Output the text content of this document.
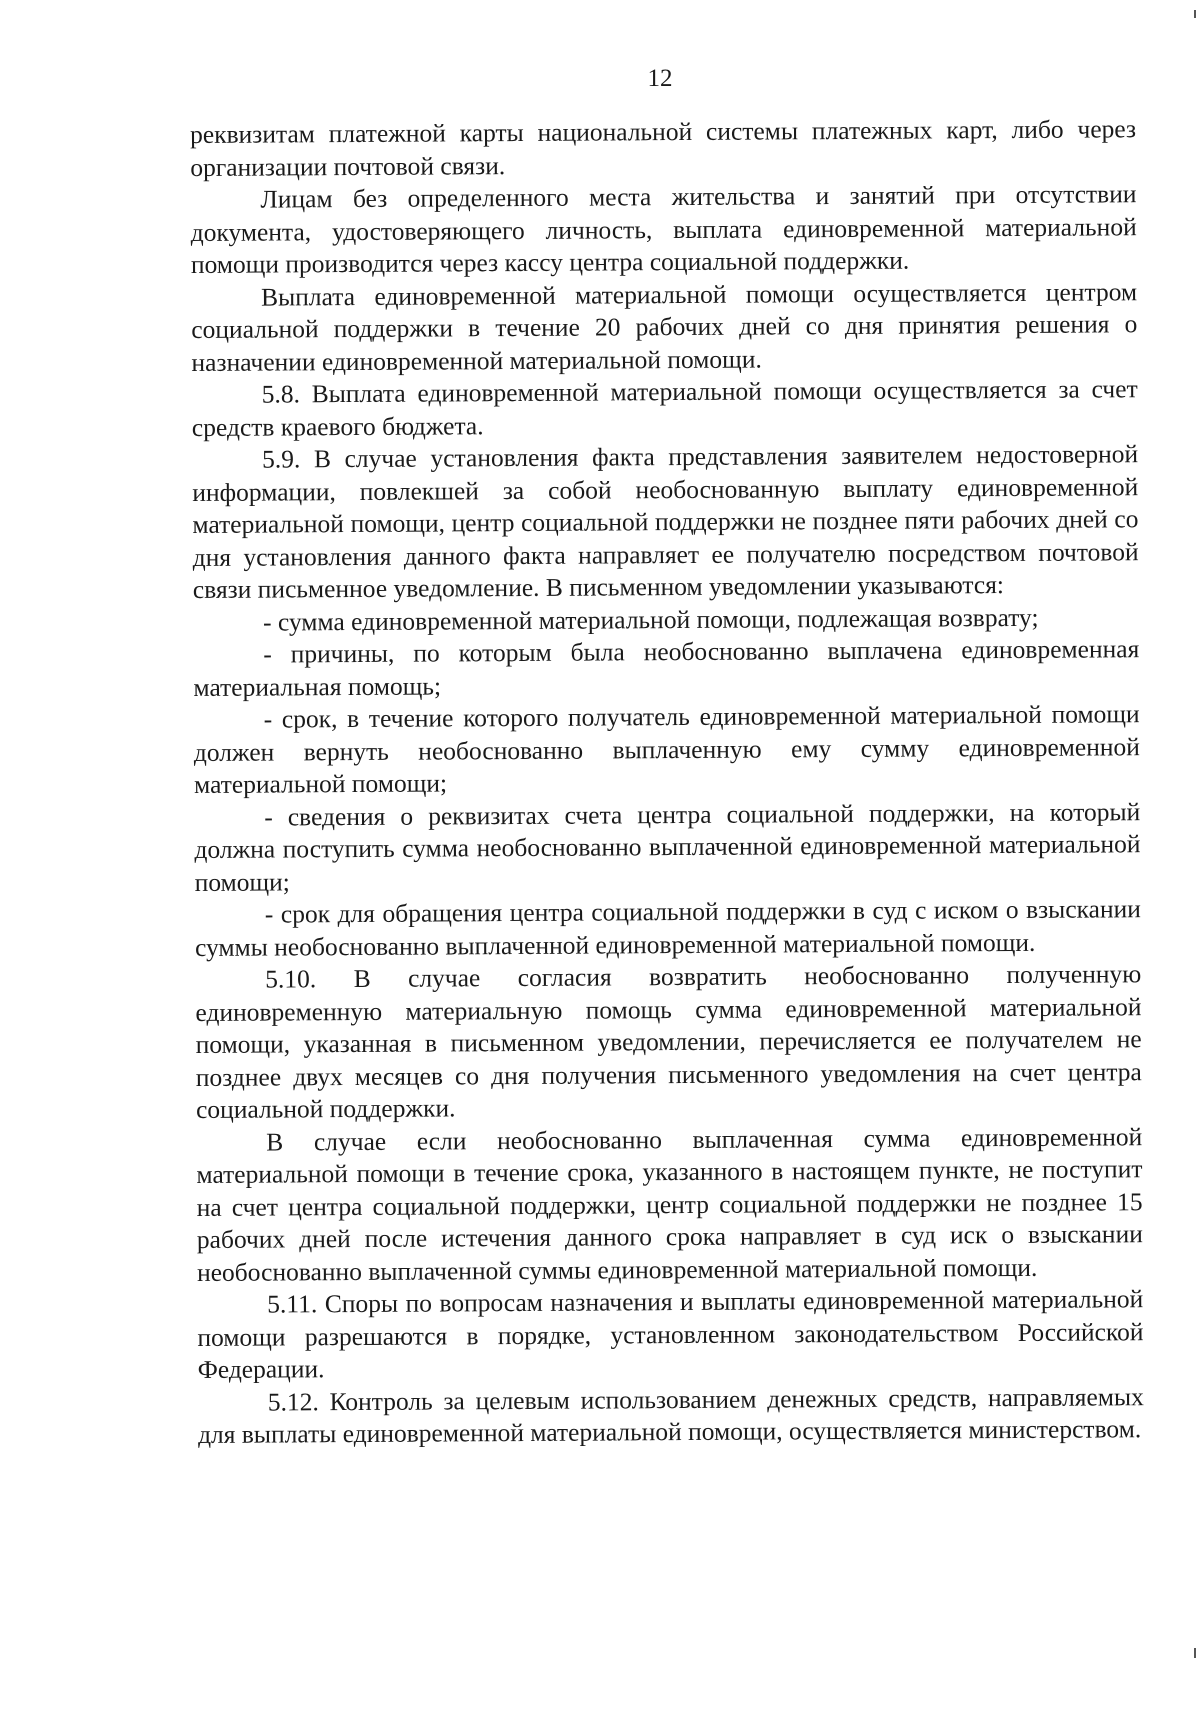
12

реквизитам платежной карты национальной системы платежных карт, либо через организации почтовой связи.

Лицам без определенного места жительства и занятий при отсутствии документа, удостоверяющего личность, выплата единовременной материальной помощи производится через кассу центра социальной поддержки.

Выплата единовременной материальной помощи осуществляется центром социальной поддержки в течение 20 рабочих дней со дня принятия решения о назначении единовременной материальной помощи.

5.8. Выплата единовременной материальной помощи осуществляется за счет средств краевого бюджета.

5.9. В случае установления факта представления заявителем недостоверной информации, повлекшей за собой необоснованную выплату единовременной материальной помощи, центр социальной поддержки не позднее пяти рабочих дней со дня установления данного факта направляет ее получателю посредством почтовой связи письменное уведомление. В письменном уведомлении указываются:

- сумма единовременной материальной помощи, подлежащая возврату;

- причины, по которым была необоснованно выплачена единовременная материальная помощь;

- срок, в течение которого получатель единовременной материальной помощи должен вернуть необоснованно выплаченную ему сумму единовременной материальной помощи;

- сведения о реквизитах счета центра социальной поддержки, на который должна поступить сумма необоснованно выплаченной единовременной материальной помощи;

- срок для обращения центра социальной поддержки в суд с иском о взыскании суммы необоснованно выплаченной единовременной материальной помощи.

5.10. В случае согласия возвратить необоснованно полученную единовременную материальную помощь сумма единовременной материальной помощи, указанная в письменном уведомлении, перечисляется ее получателем не позднее двух месяцев со дня получения письменного уведомления на счет центра социальной поддержки.

В случае если необоснованно выплаченная сумма единовременной материальной помощи в течение срока, указанного в настоящем пункте, не поступит на счет центра социальной поддержки, центр социальной поддержки не позднее 15 рабочих дней после истечения данного срока направляет в суд иск о взыскании необоснованно выплаченной суммы единовременной материальной помощи.

5.11. Споры по вопросам назначения и выплаты единовременной материальной помощи разрешаются в порядке, установленном законодательством Российской Федерации.

5.12. Контроль за целевым использованием денежных средств, направляемых для выплаты единовременной материальной помощи, осуществляется министерством.
